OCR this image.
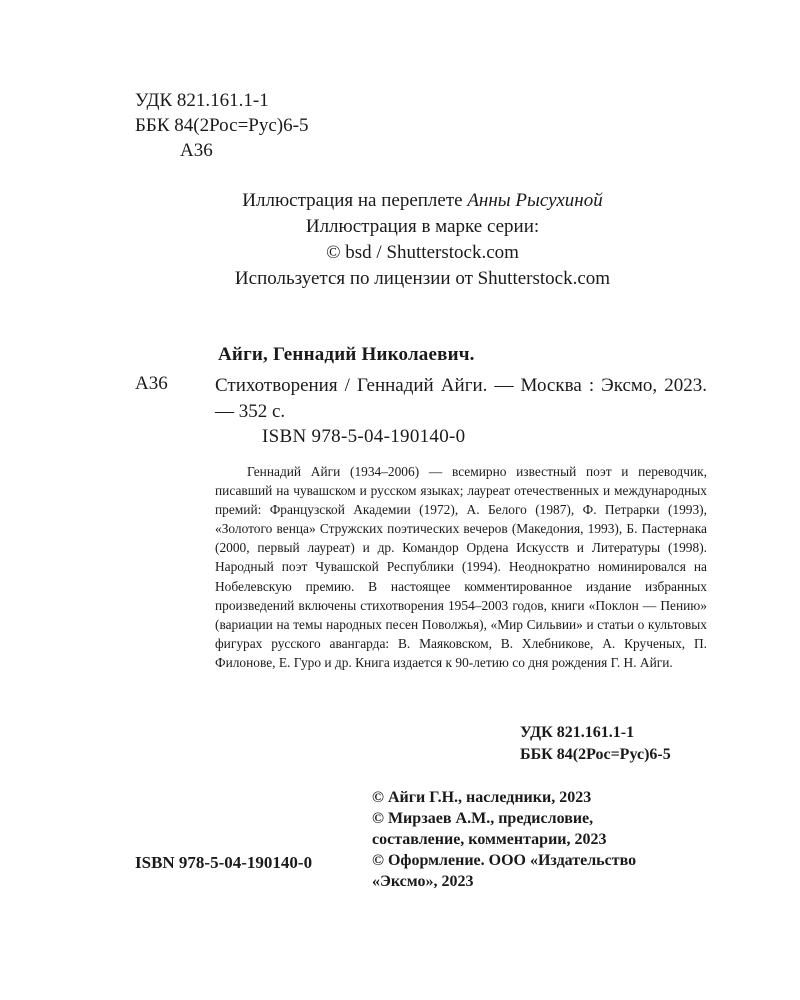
УДК 821.161.1-1
ББК 84(2Рос=Рус)6-5
А36
Иллюстрация на переплете Анны Рысухиной
Иллюстрация в марке серии:
© bsd / Shutterstock.com
Используется по лицензии от Shutterstock.com
Айги, Геннадий Николаевич.
А36 Стихотворения / Геннадий Айги. — Москва : Эксмо, 2023. — 352 с.
ISBN 978-5-04-190140-0
Геннадий Айги (1934–2006) — всемирно известный поэт и переводчик, писавший на чувашском и русском языках; лауреат отечественных и международных премий: Французской Академии (1972), А. Белого (1987), Ф. Петрарки (1993), «Золотого венца» Стружских поэтических вечеров (Македония, 1993), Б. Пастернака (2000, первый лауреат) и др. Командор Ордена Искусств и Литературы (1998). Народный поэт Чувашской Республики (1994). Неоднократно номинировался на Нобелевскую премию. В настоящее комментированное издание избранных произведений включены стихотворения 1954–2003 годов, книги «Поклон — Пению» (вариации на темы народных песен Поволжья), «Мир Сильвии» и статьи о культовых фигурах русского авангарда: В. Маяковском, В. Хлебникове, А. Крученых, П. Филонове, Е. Гуро и др. Книга издается к 90-летию со дня рождения Г. Н. Айги.
УДК 821.161.1-1
ББК 84(2Рос=Рус)6-5
© Айги Г.Н., наследники, 2023
© Мирзаев А.М., предисловие,
составление, комментарии, 2023
© Оформление. ООО «Издательство
«Эксмо», 2023
ISBN 978-5-04-190140-0
